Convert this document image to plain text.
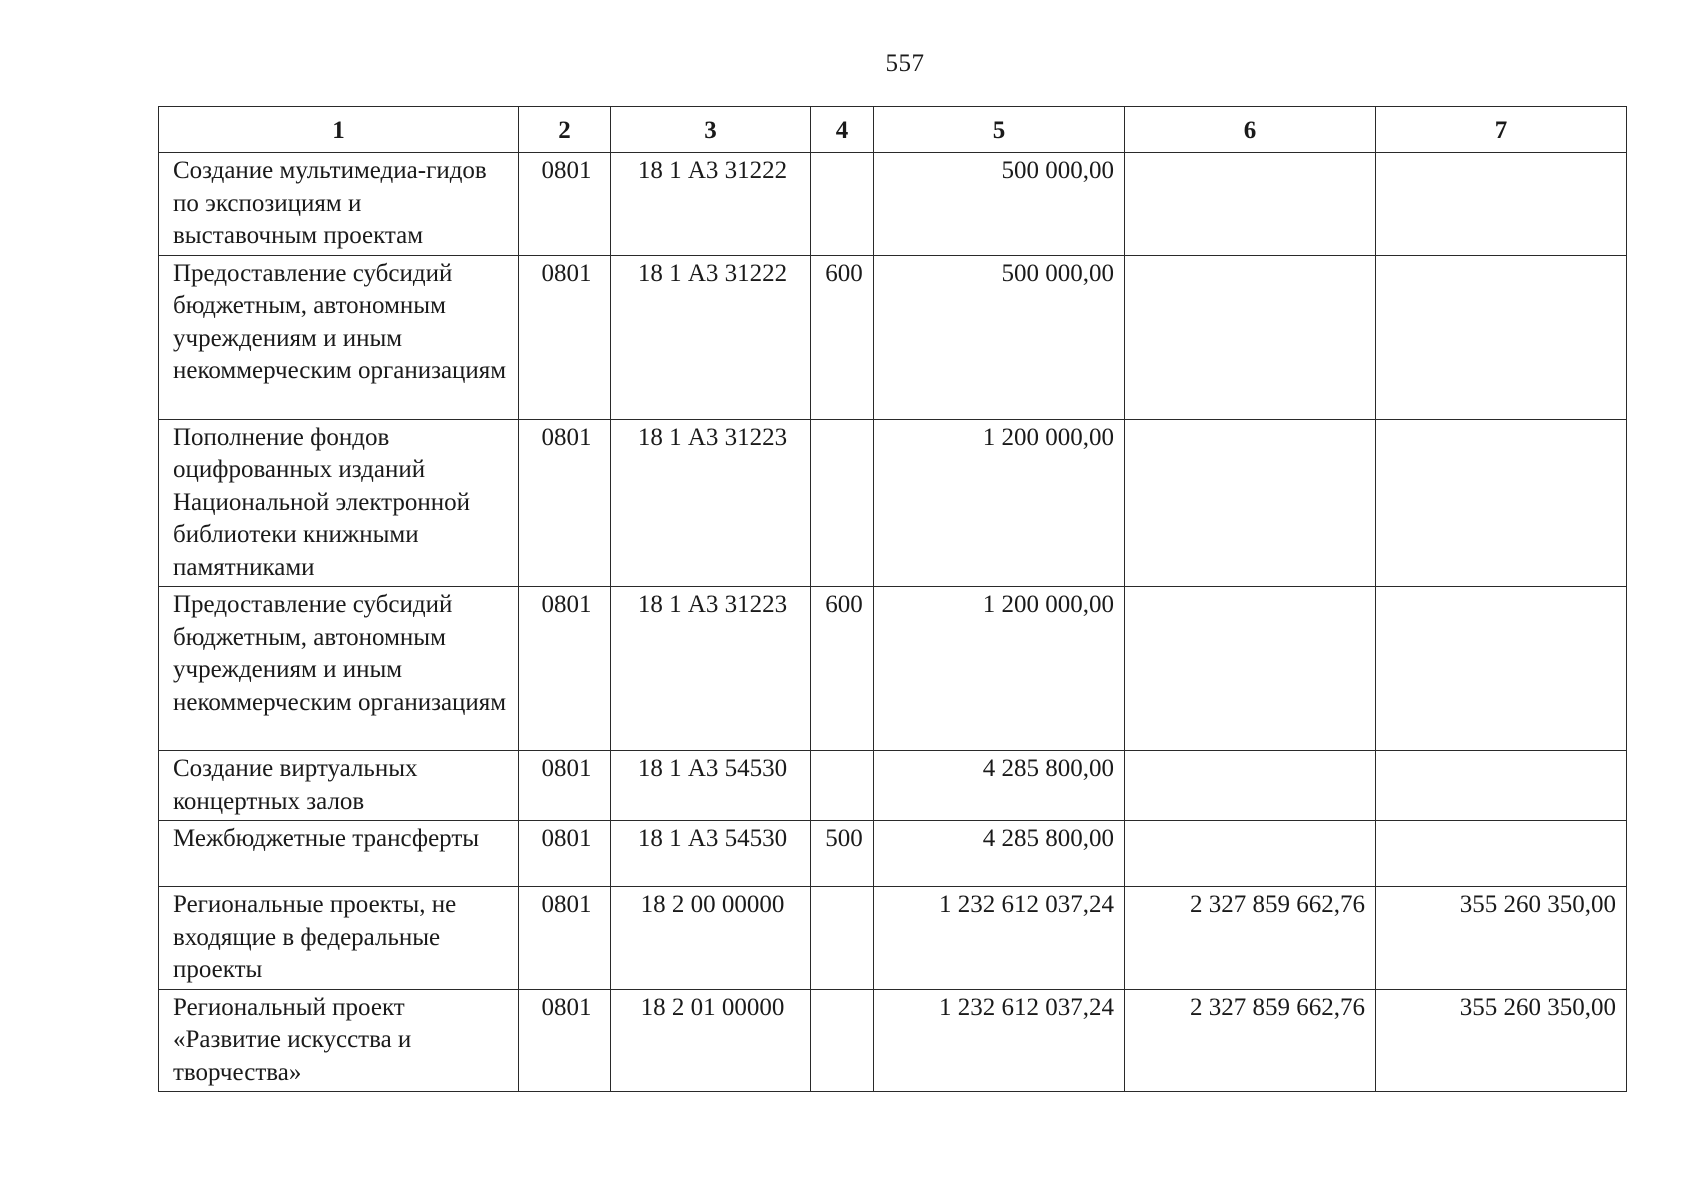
557
1	2	3	4	5	6	7
Создание мультимедиа-гидов по экспозициям и выставочным проектам	0801	18 1 А3 31222		500 000,00		
Предоставление субсидий бюджетным, автономным учреждениям и иным некоммерческим организациям	0801	18 1 А3 31222	600	500 000,00		
Пополнение фондов оцифрованных изданий Национальной электронной библиотеки книжными памятниками	0801	18 1 А3 31223		1 200 000,00		
Предоставление субсидий бюджетным, автономным учреждениям и иным некоммерческим организациям	0801	18 1 А3 31223	600	1 200 000,00		
Создание виртуальных концертных залов	0801	18 1 А3 54530		4 285 800,00		
Межбюджетные трансферты	0801	18 1 А3 54530	500	4 285 800,00		
Региональные проекты, не входящие в федеральные проекты	0801	18 2 00 00000		1 232 612 037,24	2 327 859 662,76	355 260 350,00
Региональный проект «Развитие искусства и творчества»	0801	18 2 01 00000		1 232 612 037,24	2 327 859 662,76	355 260 350,00
